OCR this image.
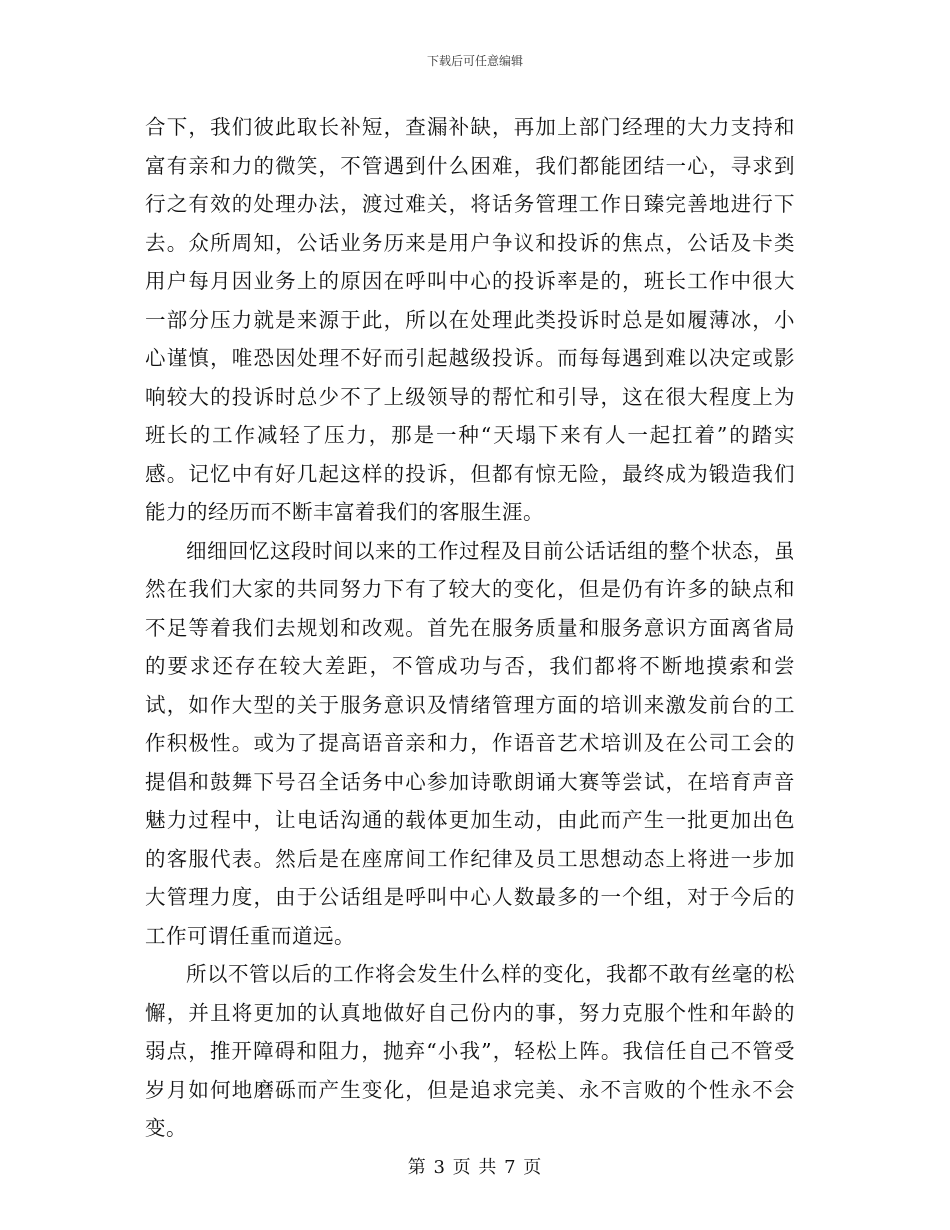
下载后可任意编辑

合下，我们彼此取长补短，查漏补缺，再加上部门经理的大力支持和富有亲和力的微笑，不管遇到什么困难，我们都能团结一心，寻求到行之有效的处理办法，渡过难关，将话务管理工作日臻完善地进行下去。众所周知，公话业务历来是用户争议和投诉的焦点，公话及卡类用户每月因业务上的原因在呼叫中心的投诉率是的，班长工作中很大一部分压力就是来源于此，所以在处理此类投诉时总是如履薄冰，小心谨慎，唯恐因处理不好而引起越级投诉。而每每遇到难以决定或影响较大的投诉时总少不了上级领导的帮忙和引导，这在很大程度上为班长的工作减轻了压力，那是一种“天塌下来有人一起扛着”的踏实感。记忆中有好几起这样的投诉，但都有惊无险，最终成为锻造我们能力的经历而不断丰富着我们的客服生涯。

细细回忆这段时间以来的工作过程及目前公话话组的整个状态，虽然在我们大家的共同努力下有了较大的变化，但是仍有许多的缺点和不足等着我们去规划和改观。首先在服务质量和服务意识方面离省局的要求还存在较大差距，不管成功与否，我们都将不断地摸索和尝试，如作大型的关于服务意识及情绪管理方面的培训来激发前台的工作积极性。或为了提高语音亲和力，作语音艺术培训及在公司工会的提倡和鼓舞下号召全话务中心参加诗歌朗诵大赛等尝试，在培育声音魅力过程中，让电话沟通的载体更加生动，由此而产生一批更加出色的客服代表。然后是在座席间工作纪律及员工思想动态上将进一步加大管理力度，由于公话组是呼叫中心人数最多的一个组，对于今后的工作可谓任重而道远。

所以不管以后的工作将会发生什么样的变化，我都不敢有丝毫的松懈，并且将更加的认真地做好自己份内的事，努力克服个性和年龄的弱点，推开障碍和阻力，抛弃“小我”，轻松上阵。我信任自己不管受岁月如何地磨砾而产生变化，但是追求完美、永不言败的个性永不会变。

第 3 页 共 7 页
